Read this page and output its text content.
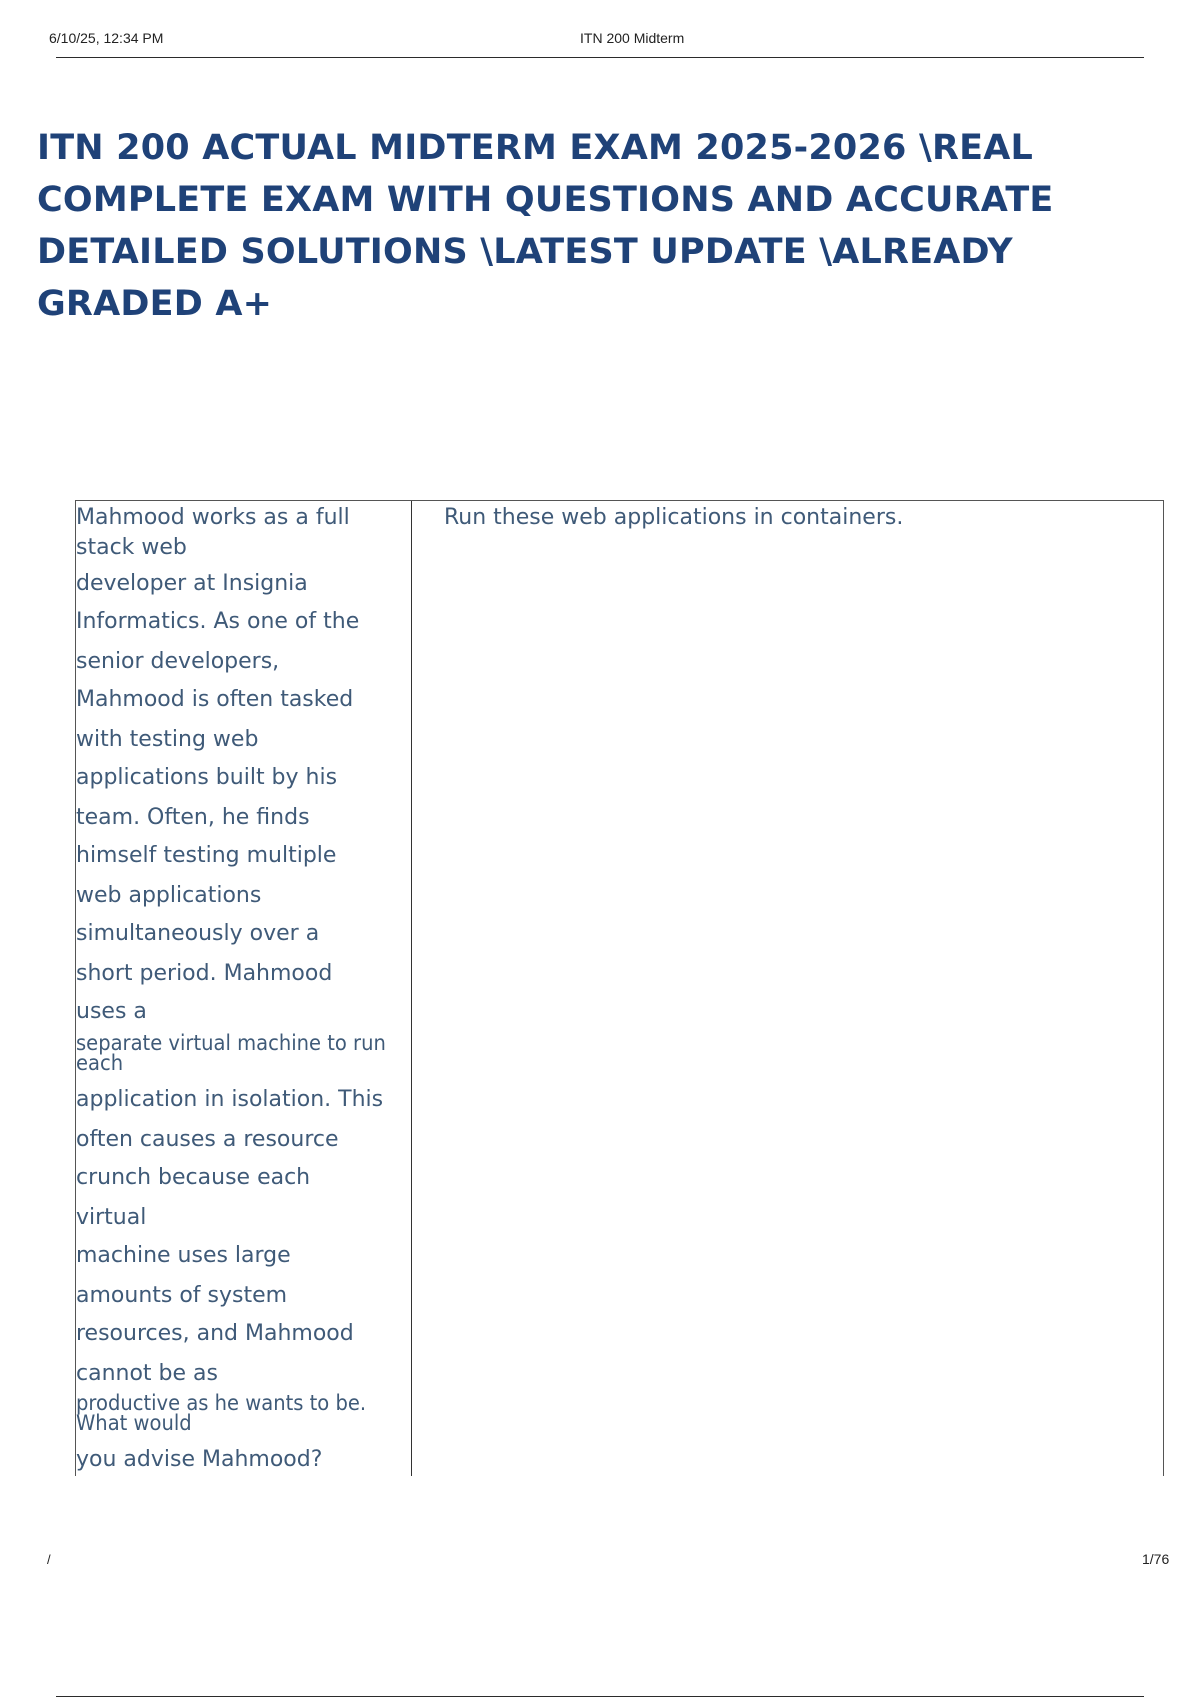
6/10/25, 12:34 PM	ITN 200 Midterm
ITN 200 ACTUAL MIDTERM EXAM 2025-2026 \REAL COMPLETE EXAM WITH QUESTIONS AND ACCURATE DETAILED SOLUTIONS \LATEST UPDATE \ALREADY GRADED A+
Mahmood works as a full
stack web
developer at Insignia
Informatics. As one of the
senior developers,
Mahmood is often tasked
with testing web
applications built by his
team. Often, he finds
himself testing multiple
web applications
simultaneously over a
short period. Mahmood
uses a
separate virtual machine to run
each
application in isolation. This
often causes a resource
crunch because each
virtual
machine uses large
amounts of system
resources, and Mahmood
cannot be as
productive as he wants to be.
What would
you advise Mahmood?
Run these web applications in containers.
/	1/76
